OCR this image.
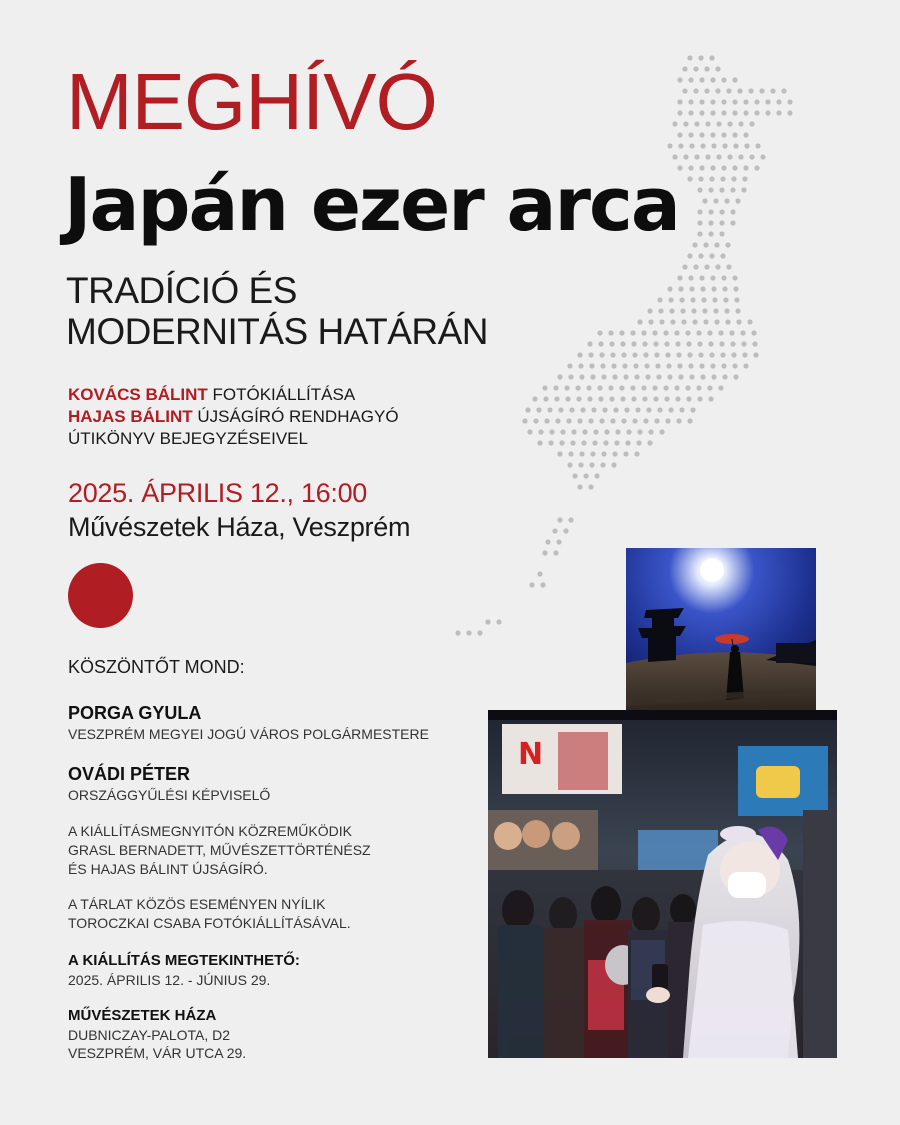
MEGHÍVÓ
Japán ezer arca
TRADÍCIÓ ÉS
MODERNITÁS HATÁRÁN
KOVÁCS BÁLINT FOTÓKIÁLLÍTÁSA
HAJAS BÁLINT ÚJSÁGÍRÓ RENDHAGYÓ
ÚTIKÖNYV BEJEGYZÉSEIVEL
2025. ÁPRILIS 12., 16:00
Művészetek Háza, Veszprém
KÖSZÖNTŐT MOND:
PORGA GYULA
VESZPRÉM MEGYEI JOGÚ VÁROS POLGÁRMESTERE
OVÁDI PÉTER
ORSZÁGGYŰLÉSI KÉPVISELŐ
A KIÁLLÍTÁSMEGNYITÓN KÖZREMŰKÖDIK
GRASL BERNADETT, MŰVÉSZETTÖRTÉNÉSZ
ÉS HAJAS BÁLINT ÚJSÁGÍRÓ.
A TÁRLAT KÖZÖS ESEMÉNYEN NYÍLIK
TOROCZKAI CSABA FOTÓKIÁLLÍTÁSÁVAL.
A KIÁLLÍTÁS MEGTEKINTHETŐ:
2025. ÁPRILIS 12. - JÚNIUS 29.
MŰVÉSZETEK HÁZA
DUBNICZAY-PALOTA, D2
VESZPRÉM, VÁR UTCA 29.
N
